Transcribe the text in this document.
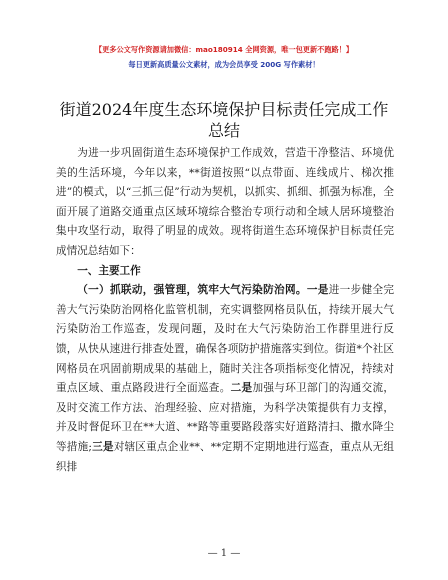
【更多公文写作资源请加微信：mao180914 全网资源，唯一包更新不跑路！】
每日更新高质量公文素材，成为会员享受 200G 写作素材！
街道2024年度生态环境保护目标责任完成工作
总结

为进一步巩固街道生态环境保护工作成效，营造干净整洁、环境优美的生活环境，今年以来，**街道按照“以点带面、连线成片、梯次推进”的模式，以“三抓三促”行动为契机，以抓实、抓细、抓强为标准，全面开展了道路交通重点区域环境综合整治专项行动和全域人居环境整治集中攻坚行动，取得了明显的成效。现将街道生态环境保护目标责任完成情况总结如下：

一、主要工作

（一）抓联动，强管理，筑牢大气污染防治网。一是进一步健全完善大气污染防治网格化监管机制，充实调整网格员队伍，持续开展大气污染防治工作巡查，发现问题，及时在大气污染防治工作群里进行反馈，从快从速进行排查处置，确保各项防护措施落实到位。街道*个社区网格员在巩固前期成果的基础上，随时关注各项指标变化情况，持续对重点区域、重点路段进行全面巡查。二是加强与环卫部门的沟通交流，及时交流工作方法、治理经验、应对措施，为科学决策提供有力支撑，并及时督促环卫在**大道、**路等重要路段落实好道路清扫、撒水降尘等措施;三是对辖区重点企业**、**定期不定期地进行巡查，重点从无组织排

— 1 —
